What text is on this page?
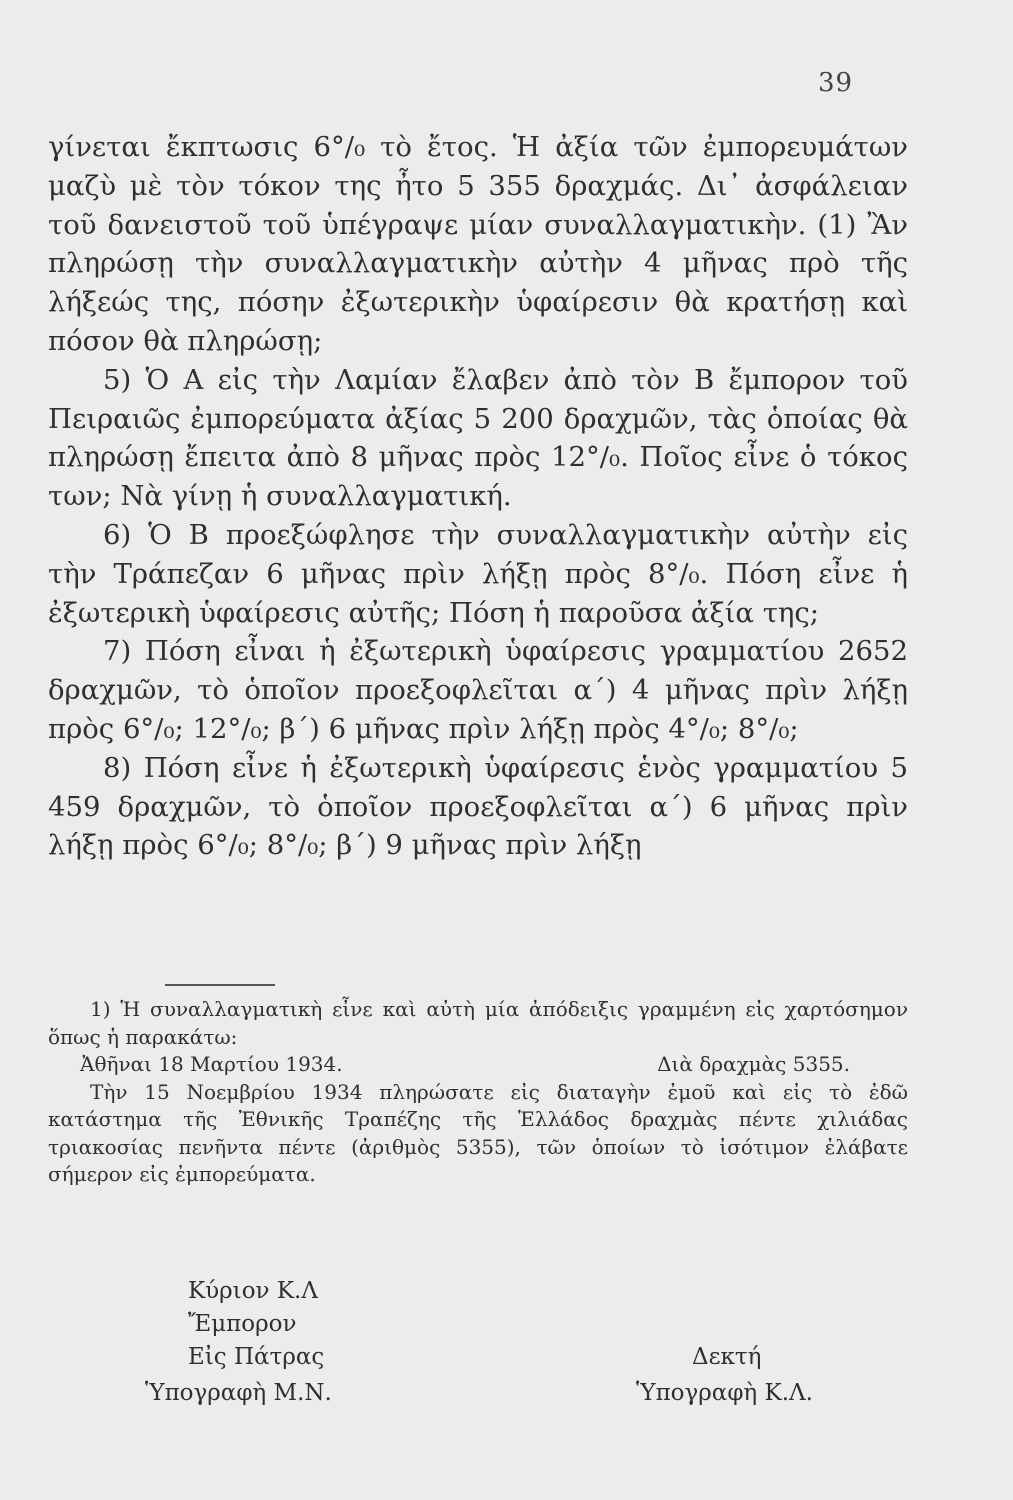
39

γίνεται ἔκπτωσις 6°/₀ τὸ ἔτος. Ἡ ἀξία τῶν ἐμπορευμάτων μαζὺ μὲ τὸν τόκον της ἦτο 5 355 δραχμάς. Δι᾽ ἀσφάλειαν τοῦ δανειστοῦ τοῦ ὑπέγραψε μίαν συναλλαγματικὴν. (1) Ἂν πληρώσῃ τὴν συναλλαγματικὴν αὐτὴν 4 μῆνας πρὸ τῆς λήξεώς της, πόσην ἐξωτερικὴν ὑφαίρεσιν θὰ κρατήσῃ καὶ πόσον θὰ πληρώσῃ;

5) Ὁ Α εἰς τὴν Λαμίαν ἔλαβεν ἀπὸ τὸν Β ἔμπορον τοῦ Πειραιῶς ἐμπορεύματα ἀξίας 5 200 δραχμῶν, τὰς ὁποίας θὰ πληρώσῃ ἔπειτα ἀπὸ 8 μῆνας πρὸς 12°/₀. Ποῖος εἶνε ὁ τόκος των; Νὰ γίνῃ ἡ συναλλαγματική.

6) Ὁ Β προεξώφλησε τὴν συναλλαγματικὴν αὐτὴν εἰς τὴν Τράπεζαν 6 μῆνας πρὶν λήξῃ πρὸς 8°/₀. Πόση εἶνε ἡ ἐξωτερικὴ ὑφαίρεσις αὐτῆς; Πόση ἡ παροῦσα ἀξία της;

7) Πόση εἶναι ἡ ἐξωτερικὴ ὑφαίρεσις γραμματίου 2652 δραχμῶν, τὸ ὁποῖον προεξοφλεῖται α΄) 4 μῆνας πρὶν λήξῃ πρὸς 6°/₀; 12°/₀; β΄) 6 μῆνας πρὶν λήξῃ πρὸς 4°/₀; 8°/₀;

8) Πόση εἶνε ἡ ἐξωτερικὴ ὑφαίρεσις ἑνὸς γραμματίου 5 459 δραχμῶν, τὸ ὁποῖον προεξοφλεῖται α΄) 6 μῆνας πρὶν λήξῃ πρὸς 6°/₀; 8°/₀; β΄) 9 μῆνας πρὶν λήξῃ

1) Ἡ συναλλαγματικὴ εἶνε καὶ αὐτὴ μία ἀπόδειξις γραμμένη εἰς χαρτόσημον ὅπως ἡ παρακάτω:

Ἀθῆναι 18 Μαρτίου 1934.	Διὰ δραχμὰς 5355.

Τὴν 15 Νοεμβρίου 1934 πληρώσατε εἰς διαταγὴν ἐμοῦ καὶ εἰς τὸ ἐδῶ κατάστημα τῆς Ἐθνικῆς Τραπέζης τῆς Ἑλλάδος δραχμὰς πέντε χιλιάδας τριακοσίας πενῆντα πέντε (ἀριθμὸς 5355), τῶν ὁποίων τὸ ἰσότιμον ἐλάβατε σήμερον εἰς ἐμπορεύματα.

Κύριον Κ.Λ
Ἔμπορον
Εἰς Πάτρας	Δεκτή
Ὑπογραφὴ Μ.Ν.	Ὑπογραφὴ Κ.Λ.
